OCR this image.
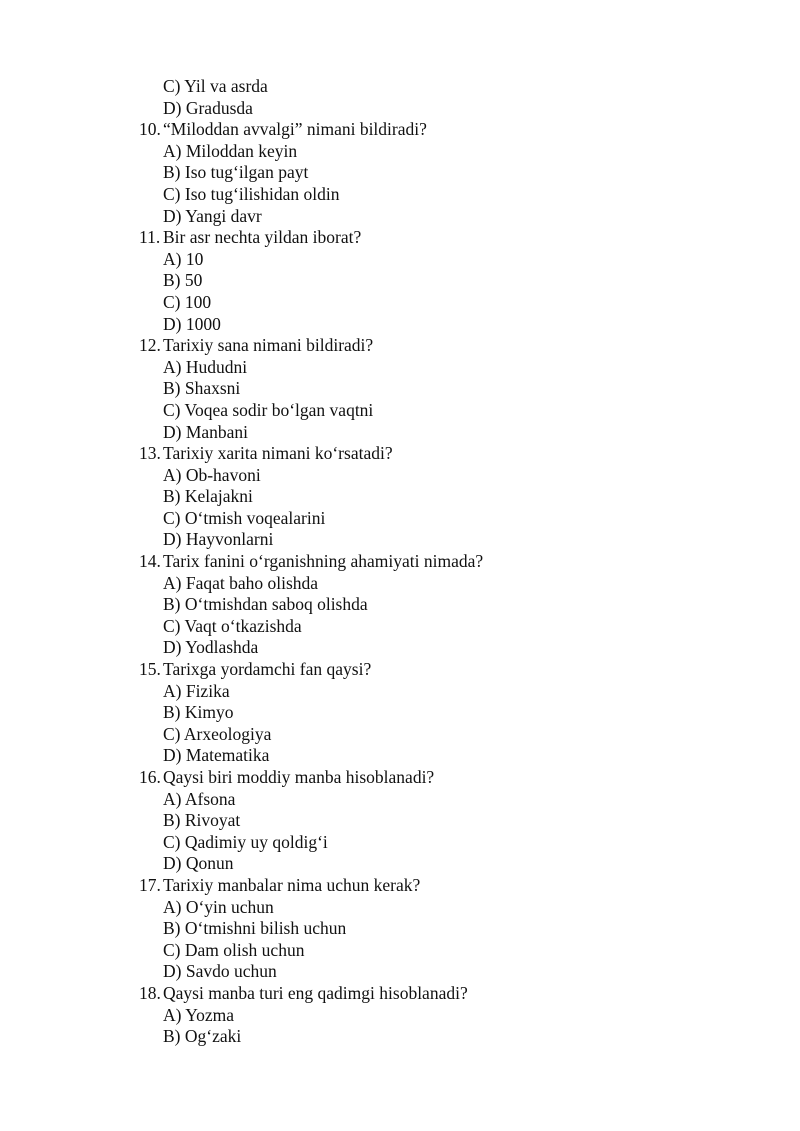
C) Yil va asrda
D) Gradusda
10. “Miloddan avvalgi” nimani bildiradi?
A) Miloddan keyin
B) Iso tug‘ilgan payt
C) Iso tug‘ilishidan oldin
D) Yangi davr
11. Bir asr nechta yildan iborat?
A) 10
B) 50
C) 100
D) 1000
12. Tarixiy sana nimani bildiradi?
A) Hududni
B) Shaxsni
C) Voqea sodir bo‘lgan vaqtni
D) Manbani
13. Tarixiy xarita nimani ko‘rsatadi?
A) Ob-havoni
B) Kelajakni
C) O‘tmish voqealarini
D) Hayvonlarni
14. Tarix fanini o‘rganishning ahamiyati nimada?
A) Faqat baho olishda
B) O‘tmishdan saboq olishda
C) Vaqt o‘tkazishda
D) Yodlashda
15. Tarixga yordamchi fan qaysi?
A) Fizika
B) Kimyo
C) Arxeologiya
D) Matematika
16. Qaysi biri moddiy manba hisoblanadi?
A) Afsona
B) Rivoyat
C) Qadimiy uy qoldig‘i
D) Qonun
17. Tarixiy manbalar nima uchun kerak?
A) O‘yin uchun
B) O‘tmishni bilish uchun
C) Dam olish uchun
D) Savdo uchun
18. Qaysi manba turi eng qadimgi hisoblanadi?
A) Yozma
B) Og‘zaki
